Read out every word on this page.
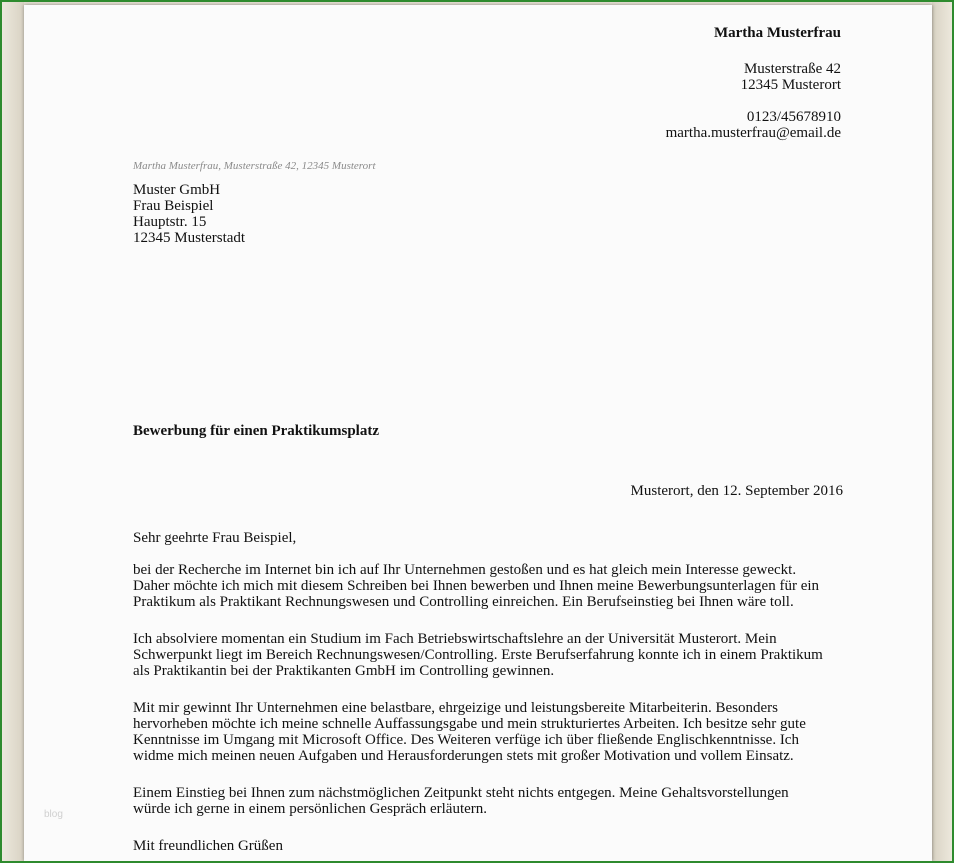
Martha Musterfrau
Musterstraße 42
12345 Musterort
0123/45678910
martha.musterfrau@email.de
Martha Musterfrau, Musterstraße 42, 12345 Musterort
Muster GmbH
Frau Beispiel
Hauptstr. 15
12345 Musterstadt
Bewerbung für einen Praktikumsplatz
Musterort, den 12. September 2016
Sehr geehrte Frau Beispiel,
bei der Recherche im Internet bin ich auf Ihr Unternehmen gestoßen und es hat gleich mein Interesse geweckt.
Daher möchte ich mich mit diesem Schreiben bei Ihnen bewerben und Ihnen meine Bewerbungsunterlagen für ein
Praktikum als Praktikant Rechnungswesen und Controlling einreichen. Ein Berufseinstieg bei Ihnen wäre toll.
Ich absolviere momentan ein Studium im Fach Betriebswirtschaftslehre an der Universität Musterort. Mein
Schwerpunkt liegt im Bereich Rechnungswesen/Controlling. Erste Berufserfahrung konnte ich in einem Praktikum
als Praktikantin bei der Praktikanten GmbH im Controlling gewinnen.
Mit mir gewinnt Ihr Unternehmen eine belastbare, ehrgeizige und leistungsbereite Mitarbeiterin. Besonders
hervorheben möchte ich meine schnelle Auffassungsgabe und mein strukturiertes Arbeiten. Ich besitze sehr gute
Kenntnisse im Umgang mit Microsoft Office. Des Weiteren verfüge ich über fließende Englischkenntnisse. Ich
widme mich meinen neuen Aufgaben und Herausforderungen stets mit großer Motivation und vollem Einsatz.
Einem Einstieg bei Ihnen zum nächstmöglichen Zeitpunkt steht nichts entgegen. Meine Gehaltsvorstellungen
würde ich gerne in einem persönlichen Gespräch erläutern.
Mit freundlichen Grüßen
blog
